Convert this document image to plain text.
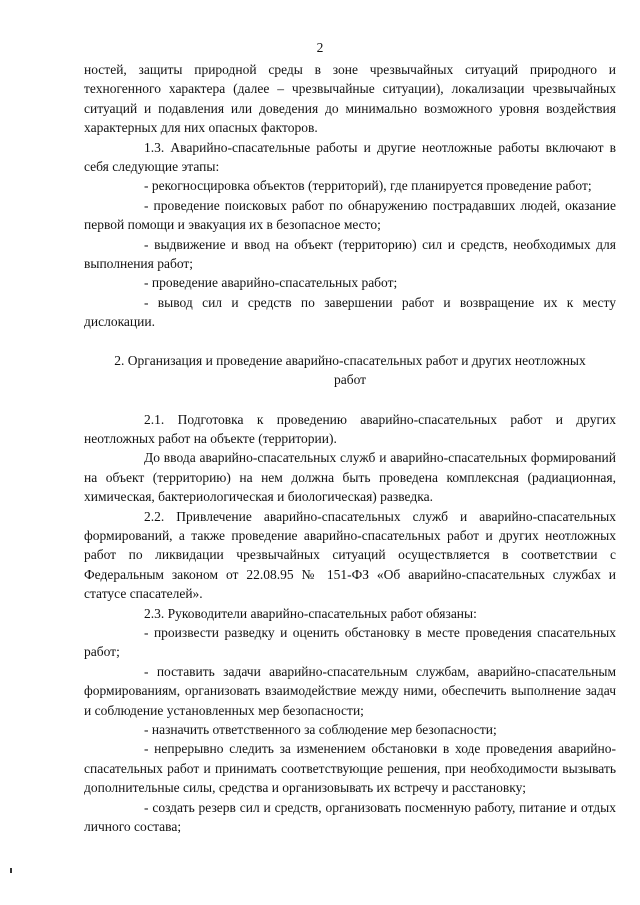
2

ностей, защиты природной среды в зоне чрезвычайных ситуаций природного и техногенного характера (далее – чрезвычайные ситуации), локализации чрезвычайных ситуаций и подавления или доведения до минимально возможного уровня воздействия характерных для них опасных факторов.

1.3. Аварийно-спасательные работы и другие неотложные работы включают в себя следующие этапы:

- рекогносцировка объектов (территорий), где планируется проведение работ;

- проведение поисковых работ по обнаружению пострадавших людей, оказание первой помощи и эвакуация их в безопасное место;

- выдвижение и ввод на объект (территорию) сил и средств, необходимых для выполнения работ;

- проведение аварийно-спасательных работ;

- вывод сил и средств по завершении работ и возвращение их к месту дислокации.

2. Организация и проведение аварийно-спасательных работ и других неотложных работ

2.1. Подготовка к проведению аварийно-спасательных работ и других неотложных работ на объекте (территории).

До ввода аварийно-спасательных служб и аварийно-спасательных формирований на объект (территорию) на нем должна быть проведена комплексная (радиационная, химическая, бактериологическая и биологическая) разведка.

2.2. Привлечение аварийно-спасательных служб и аварийно-спасательных формирований, а также проведение аварийно-спасательных работ и других неотложных работ по ликвидации чрезвычайных ситуаций осуществляется в соответствии с Федеральным законом от 22.08.95 № 151-ФЗ «Об аварийно-спасательных службах и статусе спасателей».

2.3. Руководители аварийно-спасательных работ обязаны:

- произвести разведку и оценить обстановку в месте проведения спасательных работ;

- поставить задачи аварийно-спасательным службам, аварийно-спасательным формированиям, организовать взаимодействие между ними, обеспечить выполнение задач и соблюдение установленных мер безопасности;

- назначить ответственного за соблюдение мер безопасности;

- непрерывно следить за изменением обстановки в ходе проведения аварийно-спасательных работ и принимать соответствующие решения, при необходимости вызывать дополнительные силы, средства и организовывать их встречу и расстановку;

- создать резерв сил и средств, организовать посменную работу, питание и отдых личного состава;
